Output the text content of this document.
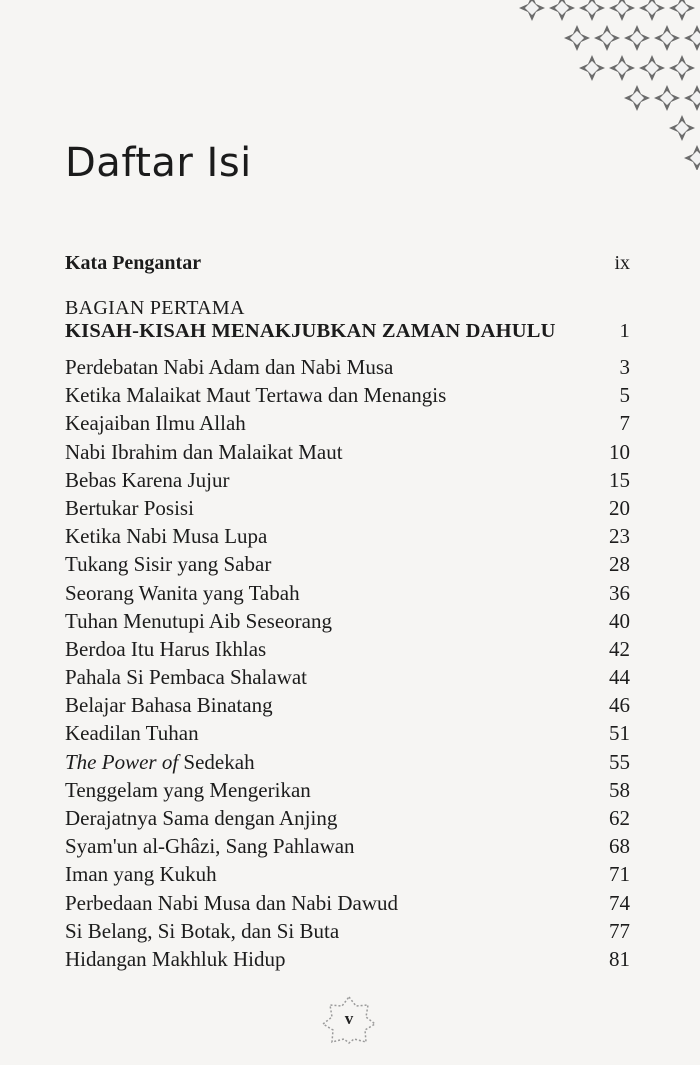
Daftar Isi
Kata Pengantar	ix
BAGIAN PERTAMA
KISAH-KISAH MENAKJUBKAN ZAMAN DAHULU	1
Perdebatan Nabi Adam dan Nabi Musa	3
Ketika Malaikat Maut Tertawa dan Menangis	5
Keajaiban Ilmu Allah	7
Nabi Ibrahim dan Malaikat Maut	10
Bebas Karena Jujur	15
Bertukar Posisi	20
Ketika Nabi Musa Lupa	23
Tukang Sisir yang Sabar	28
Seorang Wanita yang Tabah	36
Tuhan Menutupi Aib Seseorang	40
Berdoa Itu Harus Ikhlas	42
Pahala Si Pembaca Shalawat	44
Belajar Bahasa Binatang	46
Keadilan Tuhan	51
The Power of Sedekah	55
Tenggelam yang Mengerikan	58
Derajatnya Sama dengan Anjing	62
Syam'un al-Ghâzi, Sang Pahlawan	68
Iman yang Kukuh	71
Perbedaan Nabi Musa dan Nabi Dawud	74
Si Belang, Si Botak, dan Si Buta	77
Hidangan Makhluk Hidup	81
v
